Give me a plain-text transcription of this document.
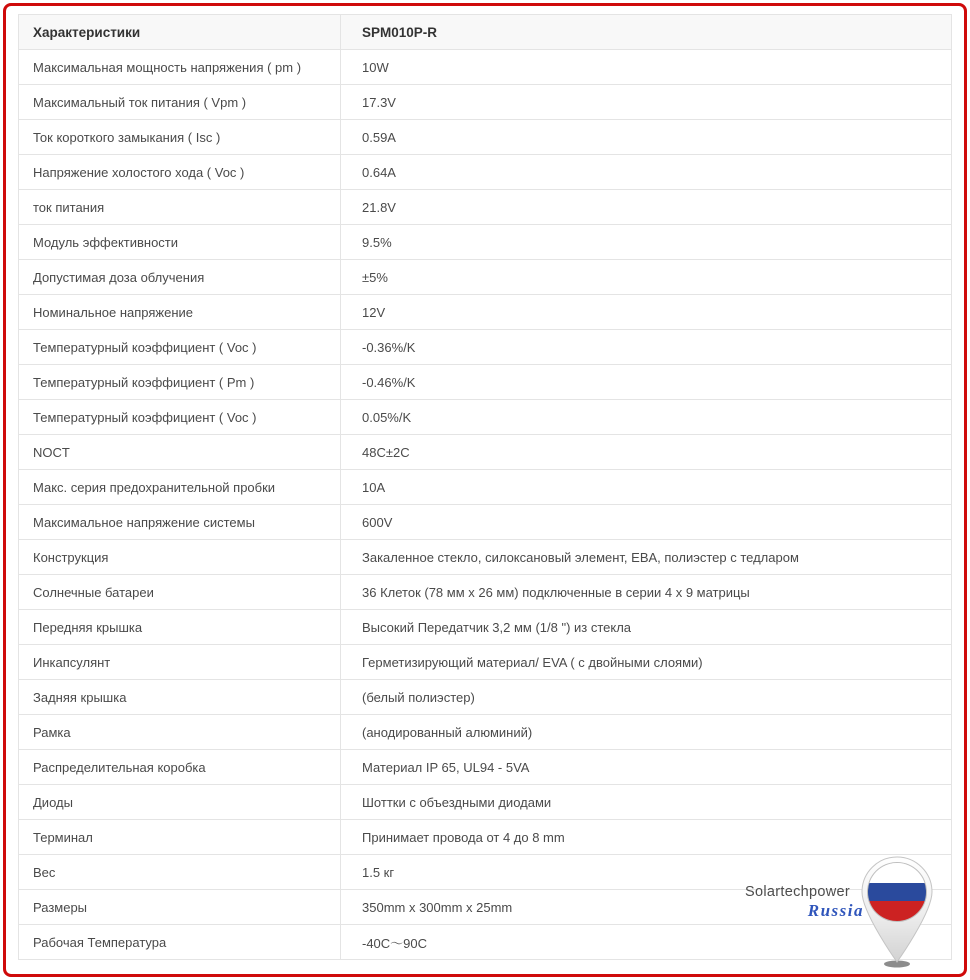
Характеристики	SPM010P-R
Максимальная мощность напряжения ( pm )	10W
Максимальный ток питания ( Vpm )	17.3V
Ток короткого замыкания ( Isc )	0.59A
Напряжение холостого хода ( Voc )	0.64A
ток питания	21.8V
Модуль эффективности	9.5%
Допустимая доза облучения	±5%
Номинальное напряжение	12V
Температурный коэффициент ( Voc )	-0.36%/K
Температурный коэффициент ( Pm )	-0.46%/K
Температурный коэффициент ( Voc )	0.05%/K
NOCT	48C±2C
Макс. серия предохранительной пробки	10A
Максимальное напряжение системы	600V
Конструкция	Закаленное стекло, силоксановый элемент, EBA, полиэстер с тедларом
Солнечные батареи	36 Клеток (78 мм x 26 мм) подключенные в серии 4 x 9 матрицы
Передняя крышка	Высокий Передатчик 3,2 мм (1/8 ") из стекла
Инкапсулянт	Герметизирующий материал/ EVA ( с двойными слоями)
Задняя крышка	(белый полиэстер)
Рамка	(анодированный алюминий)
Распределительная коробка	Материал IP 65, UL94 - 5VA
Диоды	Шоттки с объездными диодами
Терминал	Принимает провода от 4 до 8 mm
Вес	1.5 кг
Размеры	350mm x 300mm x 25mm
Рабочая Температура	-40C～90C
Solartechpower
Russia
